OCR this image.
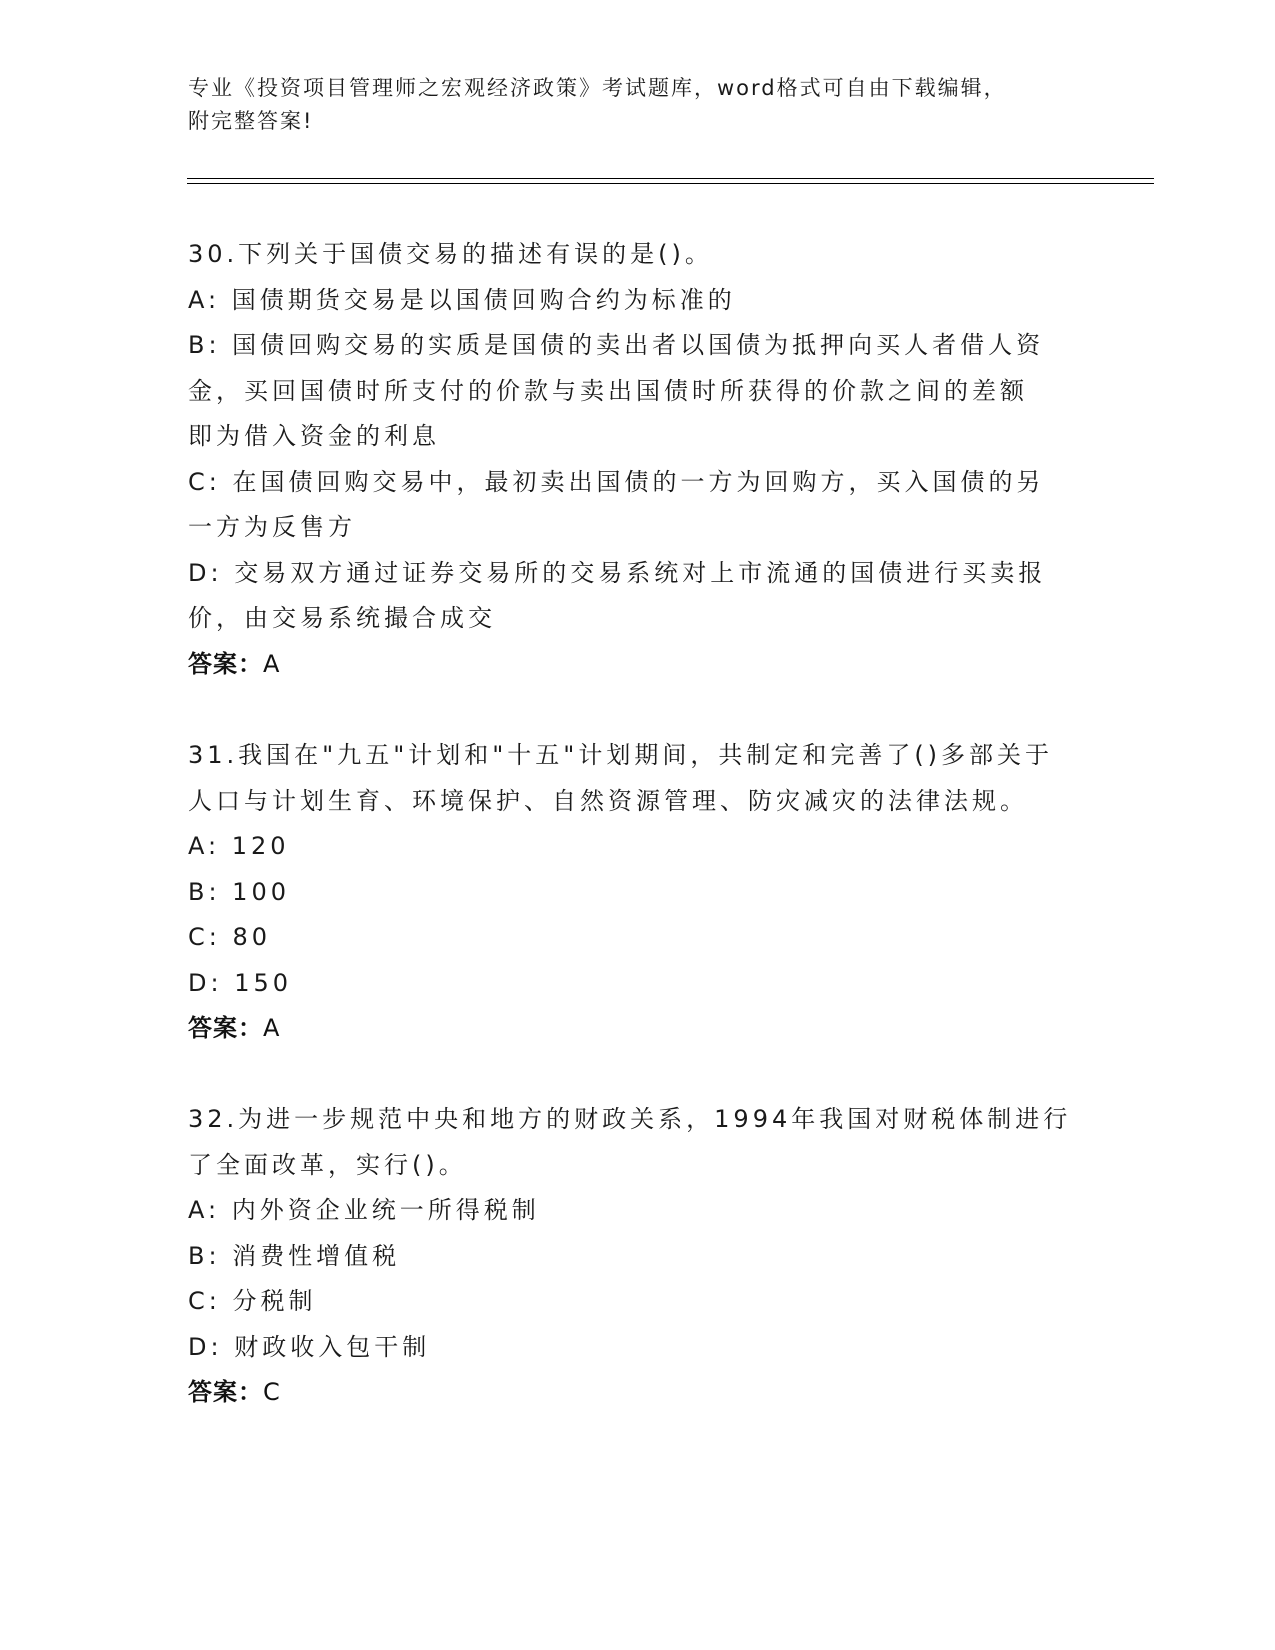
专业《投资项目管理师之宏观经济政策》考试题库，word格式可自由下载编辑，
附完整答案!
30.下列关于国债交易的描述有误的是()。
A: 国债期货交易是以国债回购合约为标准的
B: 国债回购交易的实质是国债的卖出者以国债为抵押向买人者借人资
金，买回国债时所支付的价款与卖出国债时所获得的价款之间的差额
即为借入资金的利息
C: 在国债回购交易中，最初卖出国债的一方为回购方，买入国债的另
一方为反售方
D: 交易双方通过证券交易所的交易系统对上市流通的国债进行买卖报
价，由交易系统撮合成交
答案：A
31.我国在"九五"计划和"十五"计划期间，共制定和完善了()多部关于
人口与计划生育、环境保护、自然资源管理、防灾减灾的法律法规。
A: 120
B: 100
C: 80
D: 150
答案：A
32.为进一步规范中央和地方的财政关系，1994年我国对财税体制进行
了全面改革，实行()。
A: 内外资企业统一所得税制
B: 消费性增值税
C: 分税制
D: 财政收入包干制
答案：C
